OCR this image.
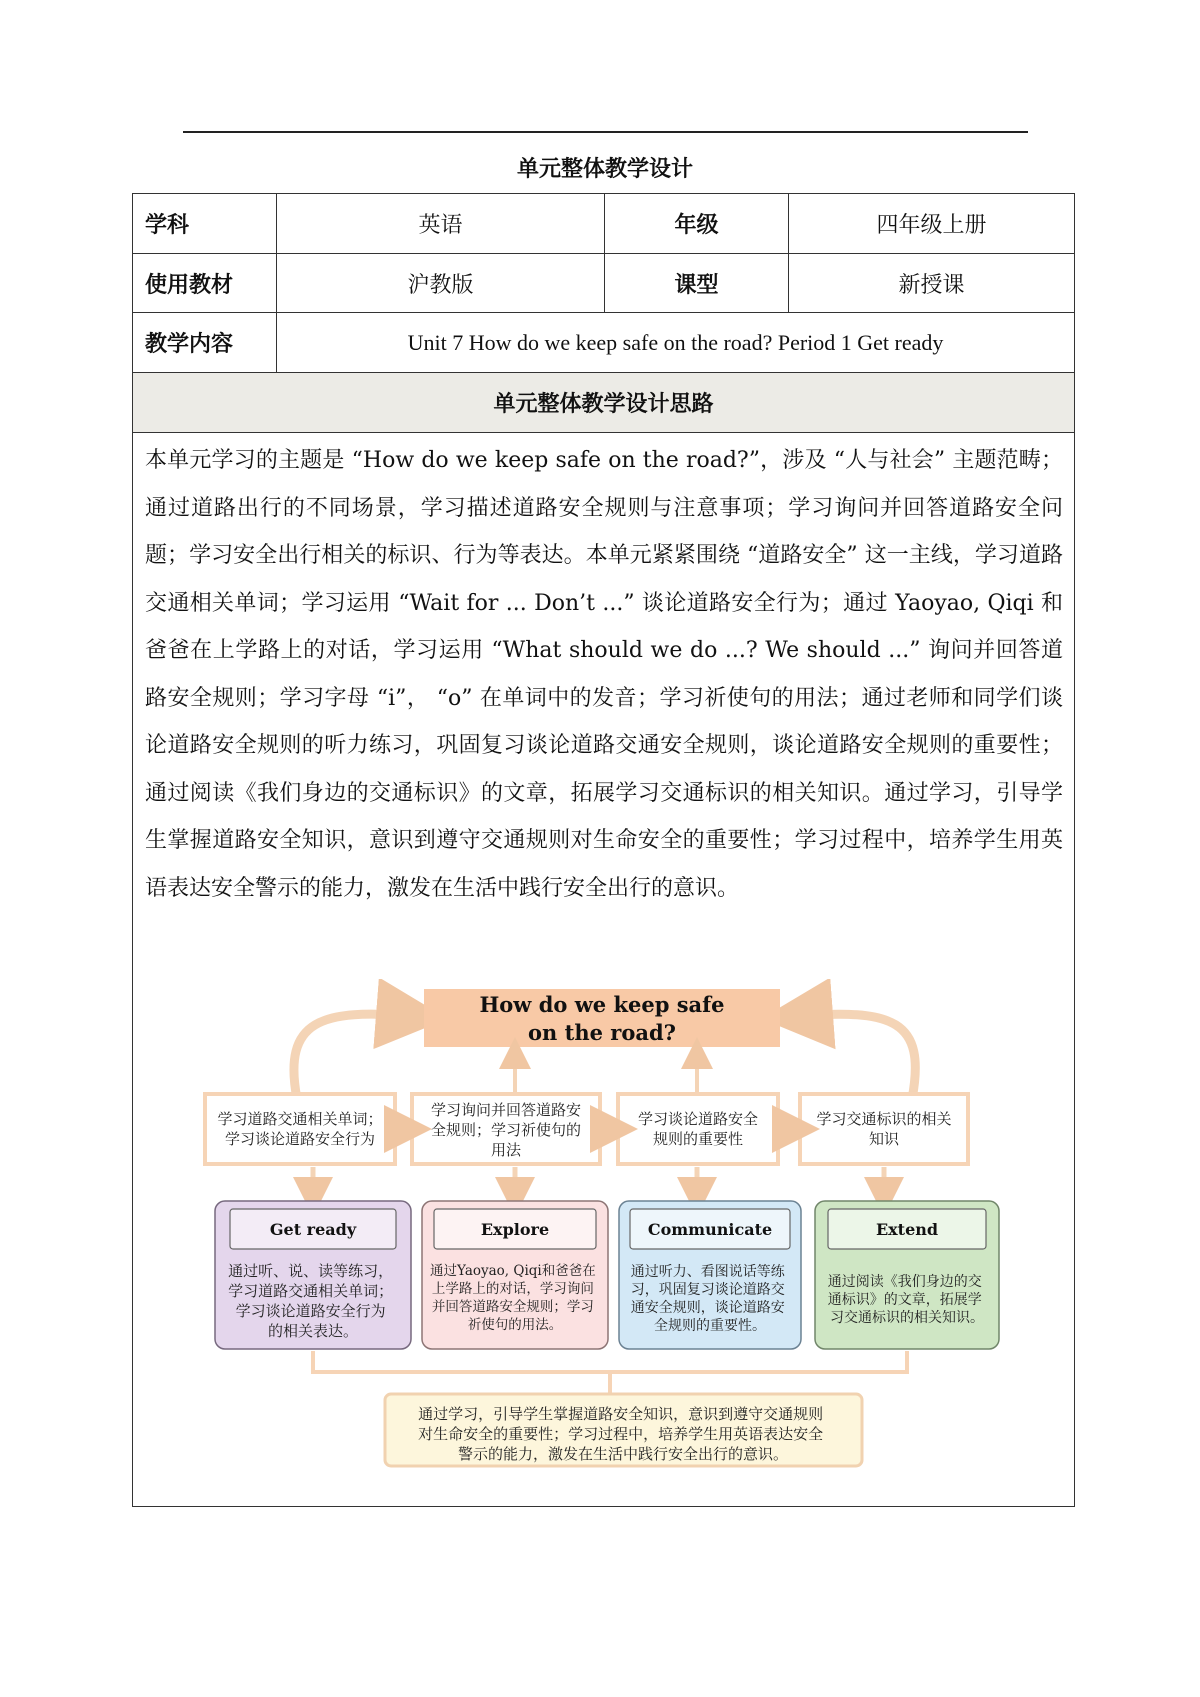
单元整体教学设计
学科	英语	年级	四年级上册
使用教材	沪教版	课型	新授课
教学内容	Unit 7 How do we keep safe on the road? Period 1 Get ready
单元整体教学设计思路

本单元学习的主题是 “How do we keep safe on the road?”，涉及 “人与社会” 主题范畴；通过道路出行的不同场景，学习描述道路安全规则与注意事项；学习询问并回答道路安全问题；学习安全出行相关的标识、行为等表达。本单元紧紧围绕 “道路安全” 这一主线，学习道路交通相关单词；学习运用 “Wait for ... Don’t ...” 谈论道路安全行为；通过 Yaoyao, Qiqi 和爸爸在上学路上的对话，学习运用 “What should we do ...? We should ...” 询问并回答道路安全规则；学习字母 “i”， “o” 在单词中的发音；学习祈使句的用法；通过老师和同学们谈论道路安全规则的听力练习，巩固复习谈论道路交通安全规则，谈论道路安全规则的重要性；通过阅读《我们身边的交通标识》的文章，拓展学习交通标识的相关知识。通过学习，引导学生掌握道路安全知识，意识到遵守交通规则对生命安全的重要性；学习过程中，培养学生用英语表达安全警示的能力，激发在生活中践行安全出行的意识。

How do we keep safe
on the road?
学习道路交通相关单词；学习谈论道路安全行为
学习询问并回答道路安全规则；学习祈使句的用法
学习谈论道路安全规则的重要性
学习交通标识的相关知识
Get ready
通过听、说、读等练习， 学习道路交通相关单词； 学习谈论道路安全行为 的相关表达。
Explore
通过Yaoyao, Qiqi和爸爸在 上学路上的对话，学习询问 并回答道路安全规则；学习 祈使句的用法。
Communicate
通过听力、看图说话等练 习，巩固复习谈论道路交 通安全规则，谈论道路安 全规则的重要性。
Extend
通过阅读《我们身边的交 通标识》的文章，拓展学 习交通标识的相关知识。
通过学习，引导学生掌握道路安全知识，意识到遵守交通规则 对生命安全的重要性；学习过程中，培养学生用英语表达安全 警示的能力，激发在生活中践行安全出行的意识。
